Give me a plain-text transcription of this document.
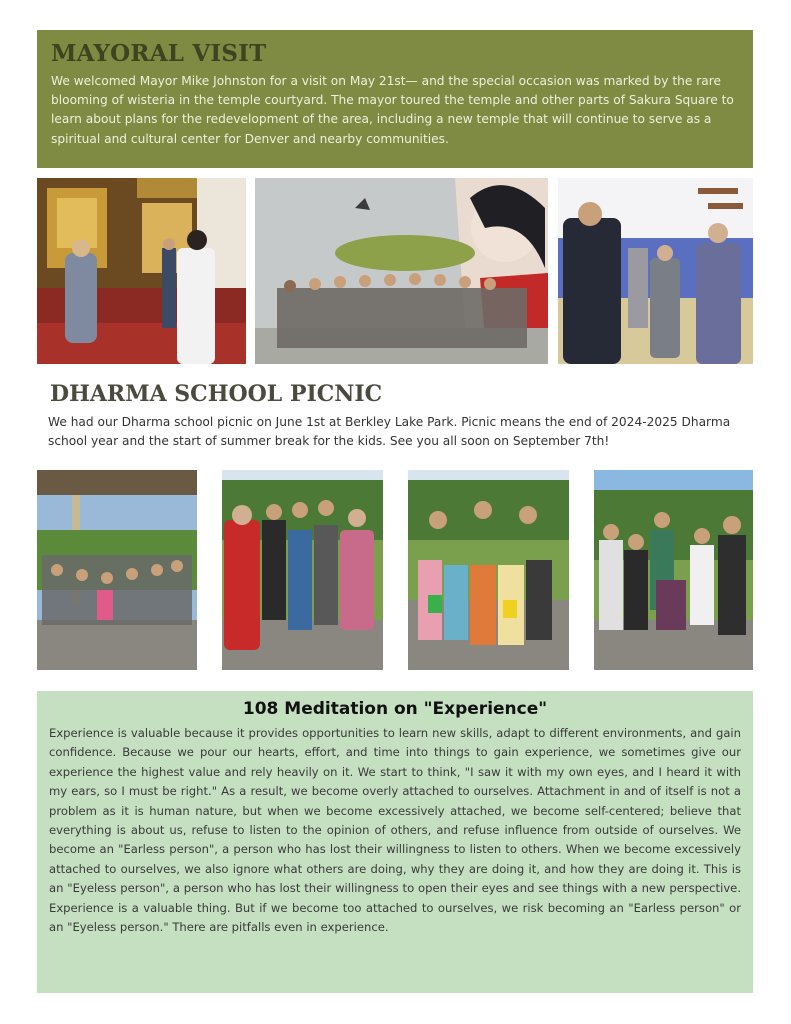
MAYORAL VISIT

We welcomed Mayor Mike Johnston for a visit on May 21st— and the special occasion was marked by the rare blooming of wisteria in the temple courtyard. The mayor toured the temple and other parts of Sakura Square to learn about plans for the redevelopment of the area, including a new temple that will continue to serve as a spiritual and cultural center for Denver and nearby communities.

DHARMA SCHOOL PICNIC

We had our Dharma school picnic on June 1st at Berkley Lake Park. Picnic means the end of 2024-2025 Dharma school year and the start of summer break for the kids. See you all soon on September 7th!

108 Meditation on "Experience"

Experience is valuable because it provides opportunities to learn new skills, adapt to different environments, and gain confidence. Because we pour our hearts, effort, and time into things to gain experience, we sometimes give our experience the highest value and rely heavily on it. We start to think, "I saw it with my own eyes, and I heard it with my ears, so I must be right." As a result, we become overly attached to ourselves. Attachment in and of itself is not a problem as it is human nature, but when we become excessively attached, we become self-centered; believe that everything is about us, refuse to listen to the opinion of others, and refuse influence from outside of ourselves. We become an "Earless person", a person who has lost their willingness to listen to others. When we become excessively attached to ourselves, we also ignore what others are doing, why they are doing it, and how they are doing it. This is an "Eyeless person", a person who has lost their willingness to open their eyes and see things with a new perspective. Experience is a valuable thing. But if we become too attached to ourselves, we risk becoming an "Earless person" or an "Eyeless person." There are pitfalls even in experience.
